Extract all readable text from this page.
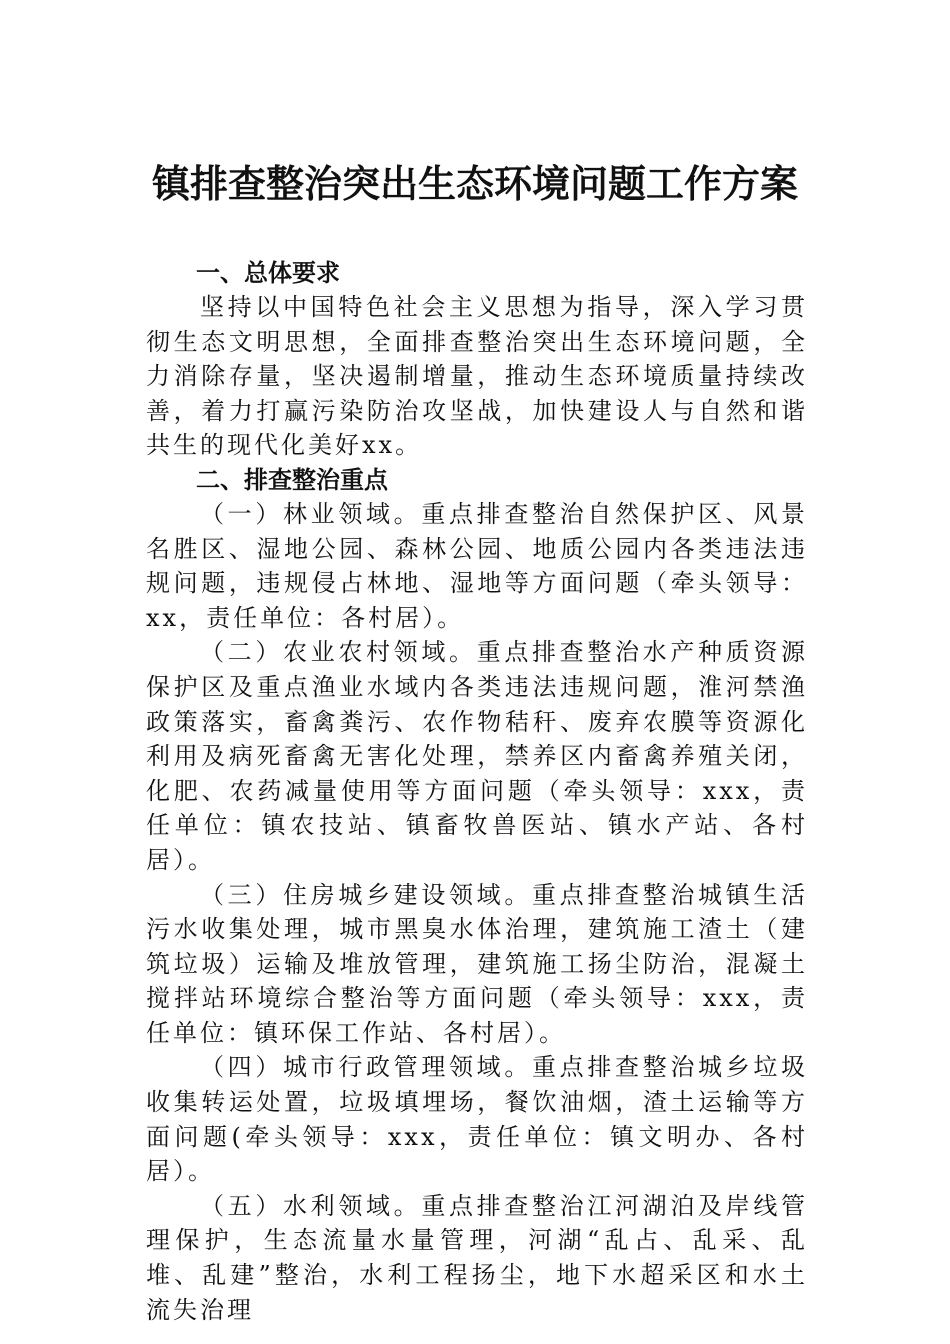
镇排查整治突出生态环境问题工作方案

一、总体要求

坚持以中国特色社会主义思想为指导，深入学习贯彻生态文明思想，全面排查整治突出生态环境问题，全力消除存量，坚决遏制增量，推动生态环境质量持续改善，着力打赢污染防治攻坚战，加快建设人与自然和谐共生的现代化美好xx。

二、排查整治重点

（一）林业领域。重点排查整治自然保护区、风景名胜区、湿地公园、森林公园、地质公园内各类违法违规问题，违规侵占林地、湿地等方面问题（牵头领导：xx，责任单位：各村居）。

（二）农业农村领域。重点排查整治水产种质资源保护区及重点渔业水域内各类违法违规问题，淮河禁渔政策落实，畜禽粪污、农作物秸秆、废弃农膜等资源化利用及病死畜禽无害化处理，禁养区内畜禽养殖关闭，化肥、农药减量使用等方面问题（牵头领导：xxx，责任单位：镇农技站、镇畜牧兽医站、镇水产站、各村居）。

（三）住房城乡建设领域。重点排查整治城镇生活污水收集处理，城市黑臭水体治理，建筑施工渣土（建筑垃圾）运输及堆放管理，建筑施工扬尘防治，混凝土搅拌站环境综合整治等方面问题（牵头领导：xxx，责任单位：镇环保工作站、各村居）。

（四）城市行政管理领域。重点排查整治城乡垃圾收集转运处置，垃圾填埋场，餐饮油烟，渣土运输等方面问题(牵头领导：xxx，责任单位：镇文明办、各村居）。

（五）水利领域。重点排查整治江河湖泊及岸线管理保护，生态流量水量管理，河湖“乱占、乱采、乱堆、乱建”整治，水利工程扬尘，地下水超采区和水土流失治理
